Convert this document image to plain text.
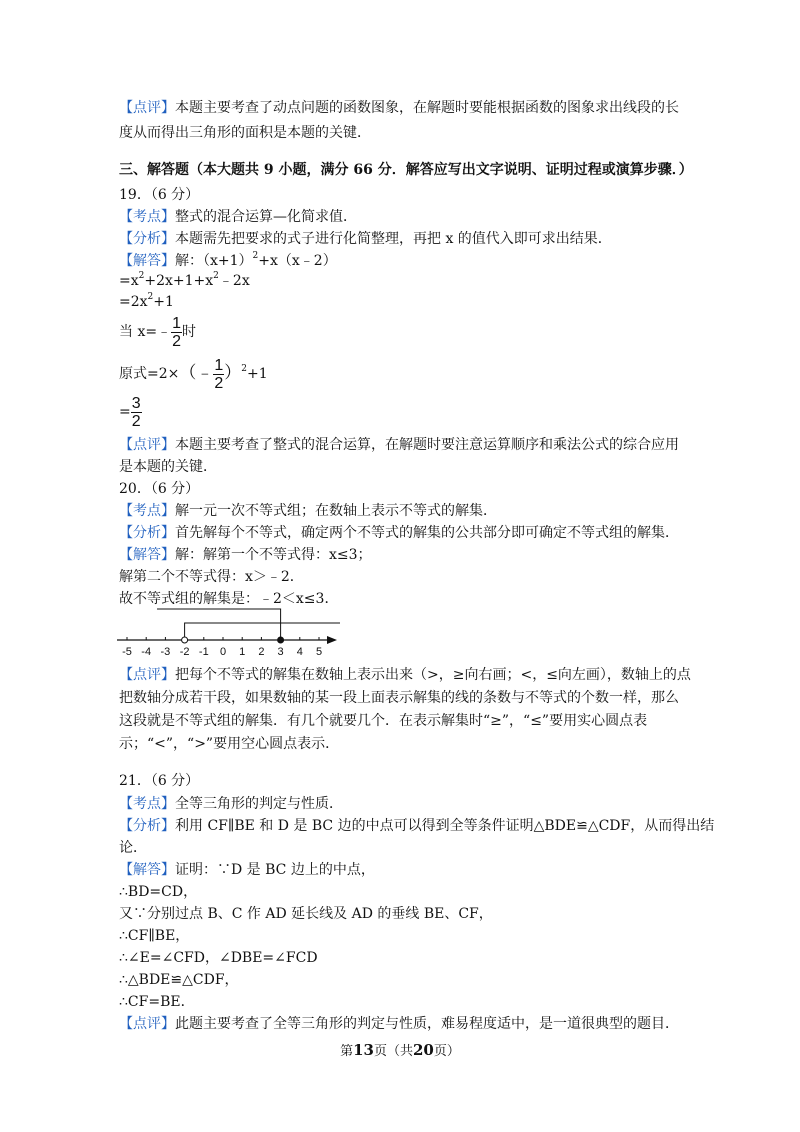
【点评】本题主要考查了动点问题的函数图象，在解题时要能根据函数的图象求出线段的长
度从而得出三角形的面积是本题的关键．
三、解答题（本大题共 9 小题，满分 66 分．解答应写出文字说明、证明过程或演算步骤．）
19．（6 分）
【考点】整式的混合运算—化简求值．
【分析】本题需先把要求的式子进行化简整理，再把 x 的值代入即可求出结果．
【解答】解：$(x+1)^2+x(x﹣2)$
$=x^2+2x+1+x^2﹣2x$
$=2x^2+1$
当 x=﹣ $\frac{1}{2}$ 时
原式=2×（﹣ $\frac{1}{2} )^2+1$
= $\frac{3}{2}$
【点评】本题主要考查了整式的混合运算，在解题时要注意运算顺序和乘法公式的综合应用
是本题的关键．
20．（6 分）
【考点】解一元一次不等式组；在数轴上表示不等式的解集．
【分析】首先解每个不等式，确定两个不等式的解集的公共部分即可确定不等式组的解集．
【解答】解：解第一个不等式得：x≤3；
解第二个不等式得：x＞﹣2．
故不等式组的解集是：﹣2＜x≤3．
-5 -4 -3 -2 -1 0 1 2 3 4 5
【点评】把每个不等式的解集在数轴上表示出来（>，≥向右画；<，≤向左画），数轴上的点
把数轴分成若干段，如果数轴的某一段上面表示解集的线的条数与不等式的个数一样，那么
这段就是不等式组的解集．有几个就要几个．在表示解集时“≥”，“≤”要用实心圆点表
示；“<”，“>”要用空心圆点表示．
21．（6 分）
【考点】全等三角形的判定与性质．
【分析】利用 CF∥BE 和 D 是 BC 边的中点可以得到全等条件证明△BDE≌△CDF，从而得出结
论．
【解答】证明：∵D 是 BC 边上的中点，
∴BD=CD，
又∵分别过点 B、C 作 AD 延长线及 AD 的垂线 BE、CF，
∴CF∥BE，
∴∠E=∠CFD，∠DBE=∠FCD
∴△BDE≌△CDF，
∴CF=BE．
【点评】此题主要考查了全等三角形的判定与性质，难易程度适中，是一道很典型的题目．
第13页（共20页）
